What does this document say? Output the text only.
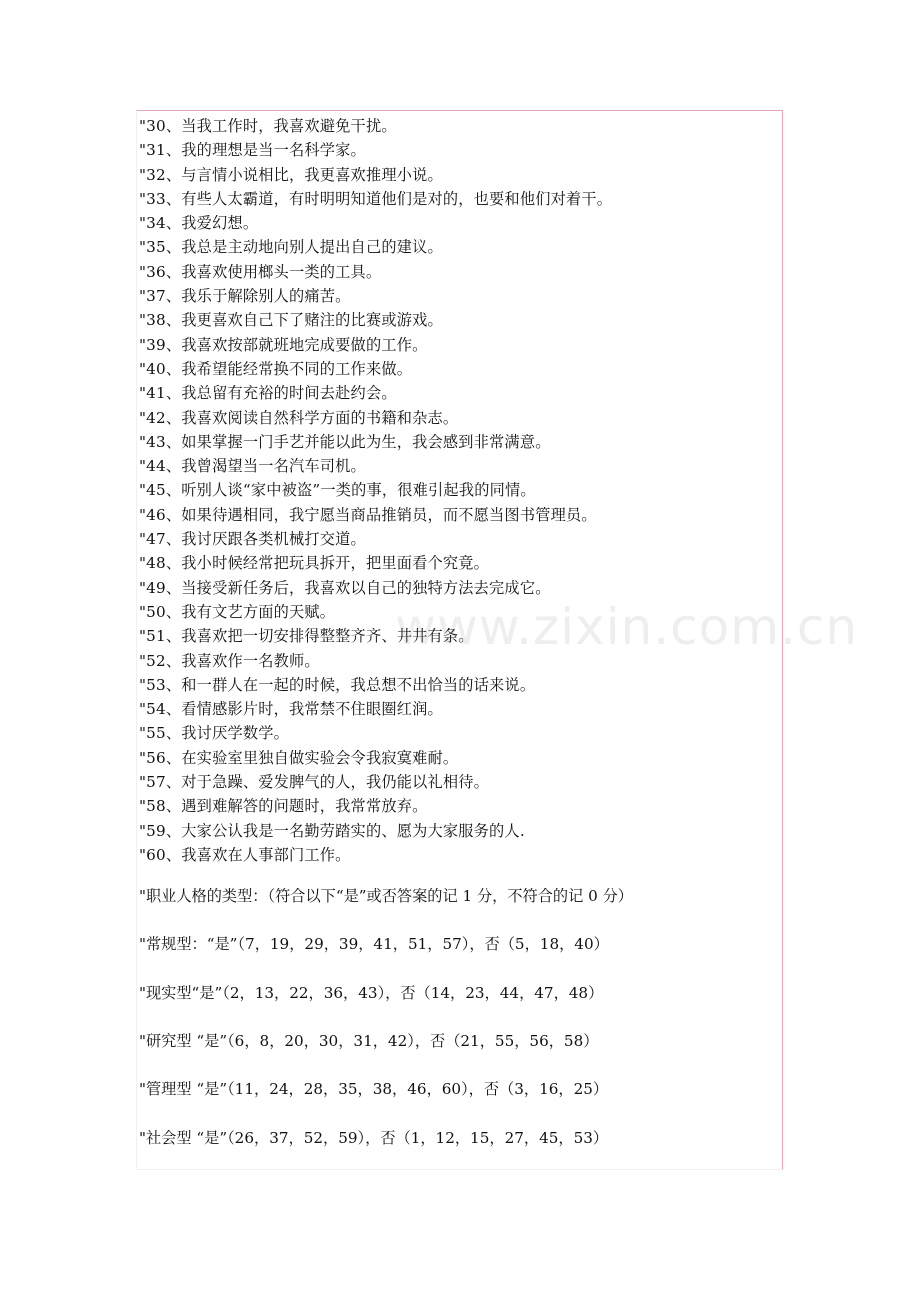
"30、当我工作时，我喜欢避免干扰。
"31、我的理想是当一名科学家。
"32、与言情小说相比，我更喜欢推理小说。
"33、有些人太霸道，有时明明知道他们是对的，也要和他们对着干。
"34、我爱幻想。
"35、我总是主动地向别人提出自己的建议。
"36、我喜欢使用榔头一类的工具。
"37、我乐于解除别人的痛苦。
"38、我更喜欢自己下了赌注的比赛或游戏。
"39、我喜欢按部就班地完成要做的工作。
"40、我希望能经常换不同的工作来做。
"41、我总留有充裕的时间去赴约会。
"42、我喜欢阅读自然科学方面的书籍和杂志。
"43、如果掌握一门手艺并能以此为生，我会感到非常满意。
"44、我曾渴望当一名汽车司机。
"45、听别人谈“家中被盗”一类的事，很难引起我的同情。
"46、如果待遇相同，我宁愿当商品推销员，而不愿当图书管理员。
"47、我讨厌跟各类机械打交道。
"48、我小时候经常把玩具拆开，把里面看个究竟。
"49、当接受新任务后，我喜欢以自己的独特方法去完成它。
"50、我有文艺方面的天赋。
"51、我喜欢把一切安排得整整齐齐、井井有条。
"52、我喜欢作一名教师。
"53、和一群人在一起的时候，我总想不出恰当的话来说。
"54、看情感影片时，我常禁不住眼圈红润。
"55、我讨厌学数学。
"56、在实验室里独自做实验会令我寂寞难耐。
"57、对于急躁、爱发脾气的人，我仍能以礼相待。
"58、遇到难解答的问题时，我常常放弃。
"59、大家公认我是一名勤劳踏实的、愿为大家服务的人.
"60、我喜欢在人事部门工作。
"职业人格的类型：（符合以下“是”或否答案的记 1 分，不符合的记 0 分）
"常规型：“是”（7，19，29，39，41，51，57），否（5，18，40）
"现实型“是”（2，13，22，36，43），否（14，23，44，47，48）
"研究型 “是”（6，8，20，30，31，42），否（21，55，56，58）
"管理型 “是”（11，24，28，35，38，46，60），否（3，16，25）
"社会型 “是”（26，37，52，59），否（1，12，15，27，45，53）
www.zixin.com.cn
